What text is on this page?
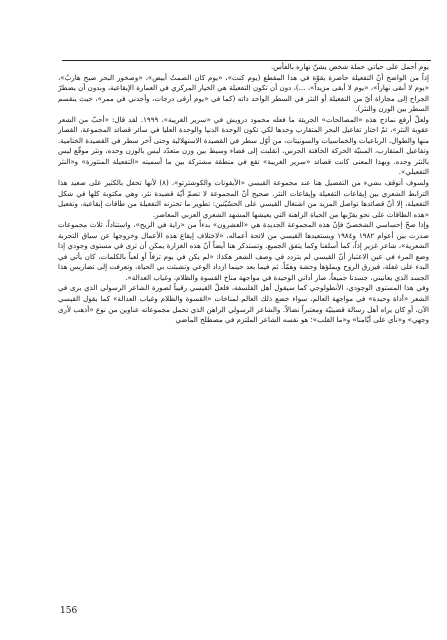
يوم أحمل على حياتي حملة شخص يشنّ نهاره بالفأس.

إذاً من الواضح أنّ التفعيلة حاضرة بقوّة في هذا المقطع (يوم كنت»، «يوم كان الصمتُ أبيض»، «وصخور البحر صبح هاربٌ»، «يوم لا أبقى نهاراً»، «يوم لا أبقى مزيداً»، ...)، دون أن تكون التفعيلة هي الخيار المركزي في العمارة الإيقاعية، وبدون أن يضطرّ الجراح إلى مجاراة أيّ من التفعيلة أو النثر في السطر الواحد ذاته (كما في «يوم أرقى درجات، وأجدني في ممر»، حيث ينقسم السطر بين الوزن والنثر).

ولعلّ أرفع نماذج هذه «المصالحات» الجريئة ما فعله محمود درويش في «سرير الغريبة»، ١٩٩٩. لقد قال: «أحبّ من الشعر عقوبة النثر»، ثمّ اختار تفاعيل البحر المتقارب وحدها لكي تكون الوحدة الدنيا والوحدة العليا في سائر قصائد المجموعة، القصار منها والطوال، الرباعيات والخماسيات والسونيتات، من أوّل سطر في القصيدة الاستهلالية وحتى آخر سطر في القصيدة الختامية. وتفاعيل المتقارب، المبنيّة الحركة الخافتة الجرس، انقلبت إلى فضاء وسيط بين وزن متعدّد ليس بالوزن وحده، ونثر موقّع ليس بالنثر وحده. وبهذا المعنى كانت قصائد «سرير الغريبة» تقع في منطقة مشتركة بين ما أسميته «التفعيلة المنثورة» و«النثر التفعيلي».

ولسوف أتوقف بشيء من التفصيل هنا عند مجموعة القيسي «الأيقونات والكوشترتو»، (٨) لأنها تحفل بالكثير على صعيد هذا الترابط الشعري بين إيقاعات التفعيلة وإيقاعات النثر. صحيح أنّ المجموعة لا تضمّ أيّة قصيدة نثر، وهي مكتوبة كلها في شكل التفعيلة، إلا أنّ قصائدها تواصل المزيد من اشتغال القيسي على الحسّيّتين: تطوير ما تختزنه التفعيلة من طاقات إيقاعية، وتفعيل «هذه الطاقات على نحو يقرّبها من الحياة الراهنة التي يعيشها المشهد الشعري العربي المعاصر.

وإذا صحّ إحساسي الشخصيّ فإنّ هذه المجموعة الجديدة هي «العشرون» بدءاً من «راية في الريح»، واستناداً، ثلاث مجموعات صدرت بين أعوام ١٩٨٢ و١٩٨٤ ويستعيدها القيسي من لائحة أعماله، «لاختلاف إيقاع هذه الأعمال وخروجها عن سياق التجربة الشعرية»، شاعر غزير إذاً، كما أسلفنا وكما يتفق الجميع. وتستدكر هنا أيضاً أنّ هذه الغزارة يمكن أن ترى في مستوى وجودي إذا وضع المرء في عين الاعتبار أنّ القيسي لم يتردد في وصف الشعر هكذا: «لم يكن في يوم ترفاً أو لعباً بالكلمات، كان يأتي في البدء على غفلة، فيزرق الروح ويملؤها وحشة وهمّاً. ثم فيما بعد حينما ازداد الوعي وتشبثت بي الحياة، وتعرفت إلى تضاريس هذا الجسد الذي يعانيني، جسدنا جميعاً، صار أداتي الوحيدة في مواجهة مناخ القسوة والظلام، وغياب العدالة».

وفي هذا المستوى الوجودي، الأنطولوجي كما سيقول أهل الفلسفة، فلعلّ القيسي رقيباً لصورة الشاعر الرسولي الذي يرى في الشعر «أداة وحيدة» في مواجهة العالم، سواء خضع ذلك العالم لمناخات «القسوة والظلام وغياب العدالة» كما يقول القيسي الآن، أو كان يراه أهل رسالة قضيتيّة ومعتبراً نضالاً. والشاعر الرسولي الراهن الذي تحمل مجموعاته عناوين من نوع «أذهب لأرى وجهي» و«نأي على أيّامنا» و«ما القلب»؛ هو نفسه الشاعر الملتزم في مصطلح الماضي

156
